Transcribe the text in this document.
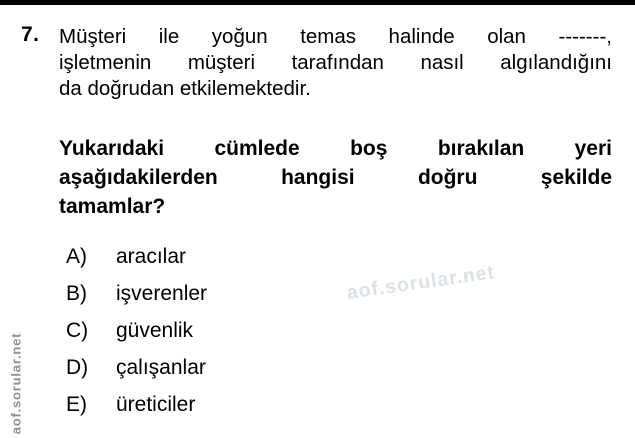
7. Müşteri ile yoğun temas halinde olan -------,
işletmenin müşteri tarafından nasıl algılandığını
da doğrudan etkilemektedir.
Yukarıdaki cümlede boş bırakılan yeri
aşağıdakilerden	hangisi	doğru	şekilde
tamamlar?
A)	aracılar
B)	işverenler
C)	güvenlik
D)	çalışanlar
E)	üreticiler
aof.sorular.net
aof.sorular.net
